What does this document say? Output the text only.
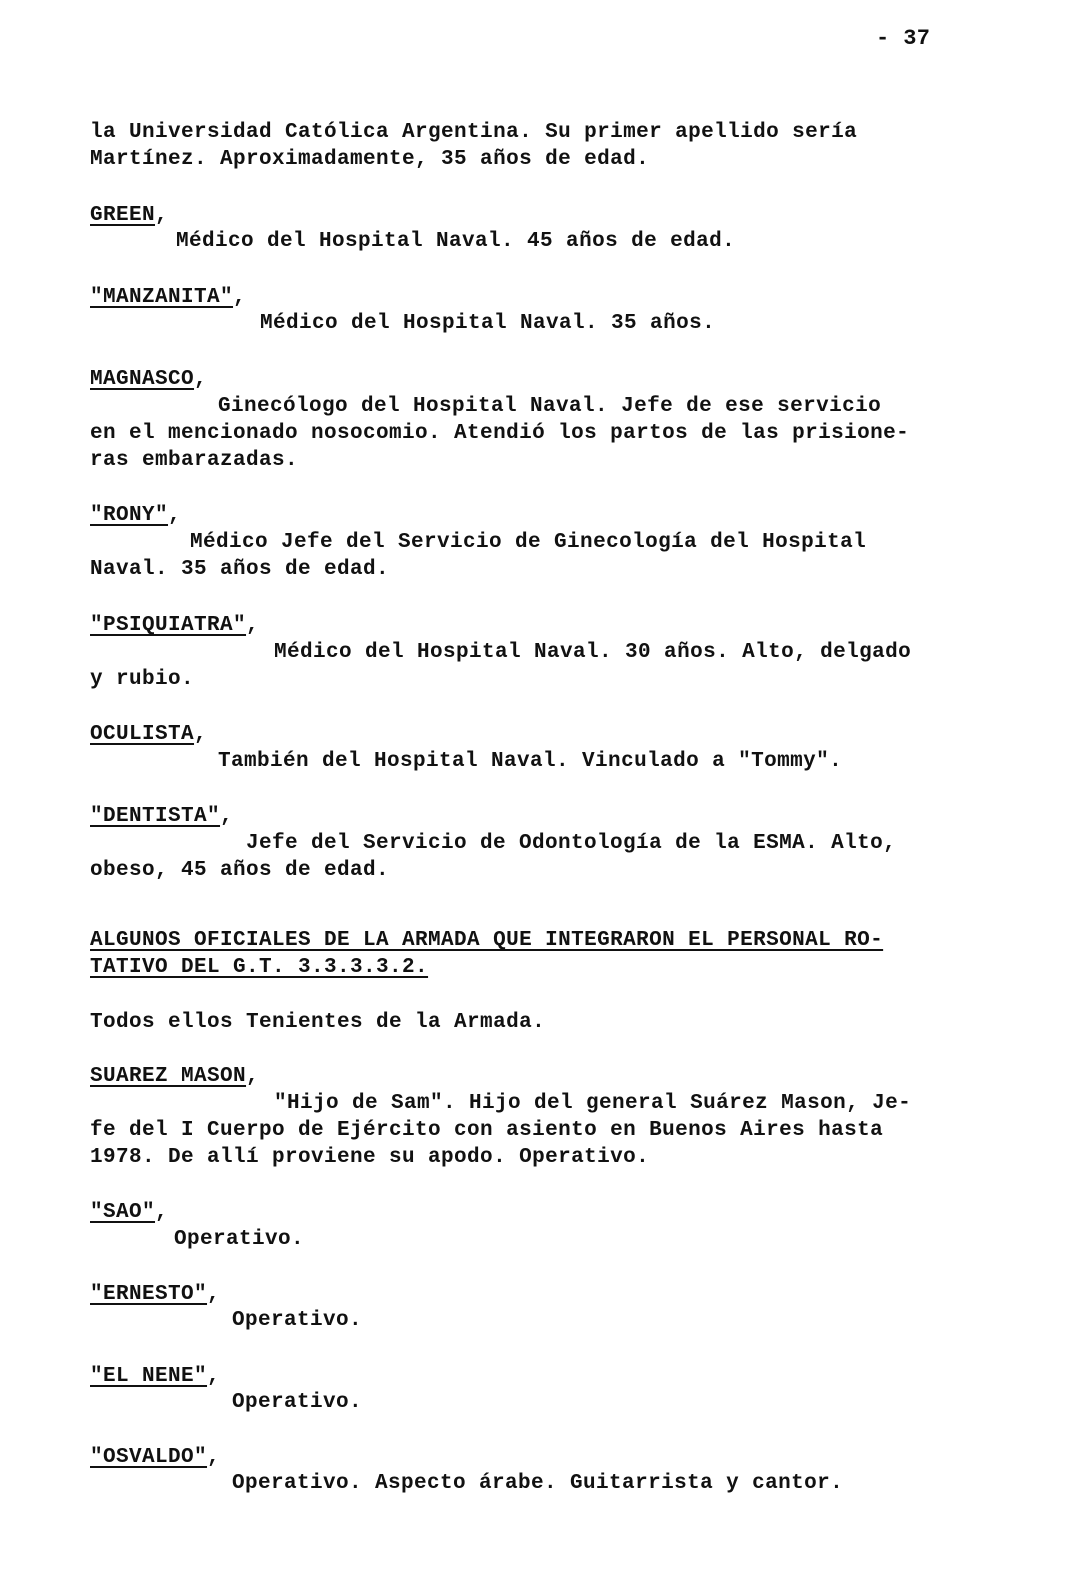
- 37
la Universidad Católica Argentina. Su primer apellido sería
Martínez. Aproximadamente, 35 años de edad.
GREEN,
Médico del Hospital Naval. 45 años de edad.
"MANZANITA",
Médico del Hospital Naval. 35 años.
MAGNASCO,
Ginecólogo del Hospital Naval. Jefe de ese servicio
en el mencionado nosocomio. Atendió los partos de las prisione-
ras embarazadas.
"RONY",
Médico Jefe del Servicio de Ginecología del Hospital
Naval. 35 años de edad.
"PSIQUIATRA",
Médico del Hospital Naval. 30 años. Alto, delgado
y rubio.
OCULISTA,
También del Hospital Naval. Vinculado a "Tommy".
"DENTISTA",
Jefe del Servicio de Odontología de la ESMA. Alto,
obeso, 45 años de edad.
ALGUNOS OFICIALES DE LA ARMADA QUE INTEGRARON EL PERSONAL RO-
TATIVO DEL G.T. 3.3.3.3.2.
Todos ellos Tenientes de la Armada.
SUAREZ MASON,
"Hijo de Sam". Hijo del general Suárez Mason, Je-
fe del I Cuerpo de Ejército con asiento en Buenos Aires hasta
1978. De allí proviene su apodo. Operativo.
"SAO",
Operativo.
"ERNESTO",
Operativo.
"EL NENE",
Operativo.
"OSVALDO",
Operativo. Aspecto árabe. Guitarrista y cantor.
